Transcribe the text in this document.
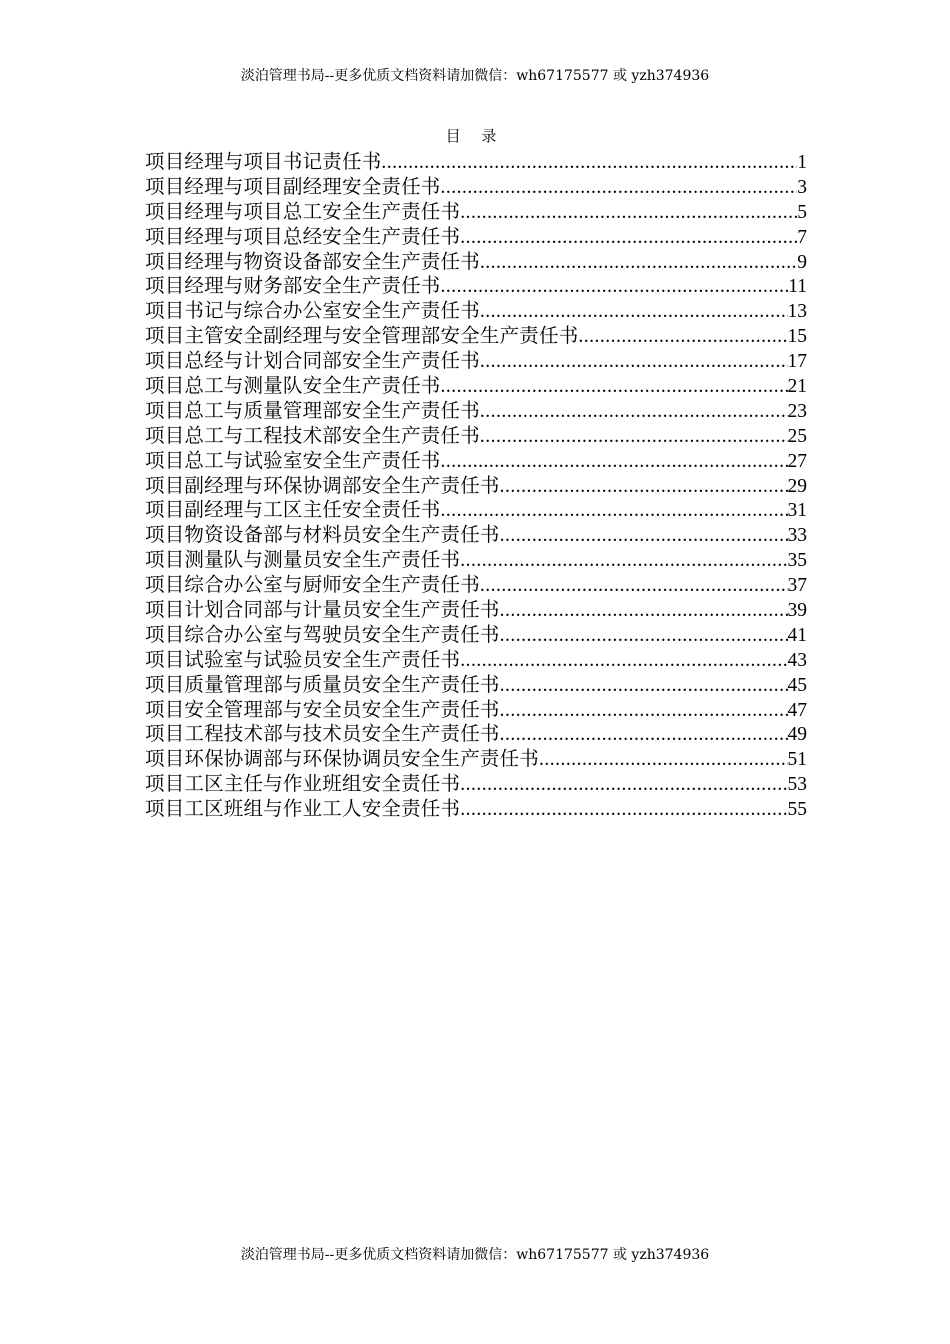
淡泊管理书局--更多优质文档资料请加微信：wh67175577 或 yzh374936
目 录
项目经理与项目书记责任书 .....	1
项目经理与项目副经理安全责任书 .....	3
项目经理与项目总工安全生产责任书 .....	5
项目经理与项目总经安全生产责任书 .....	7
项目经理与物资设备部安全生产责任书 .....	9
项目经理与财务部安全生产责任书 .....	11
项目书记与综合办公室安全生产责任书 .....	13
项目主管安全副经理与安全管理部安全生产责任书 .....	15
项目总经与计划合同部安全生产责任书 .....	17
项目总工与测量队安全生产责任书 .....	21
项目总工与质量管理部安全生产责任书 .....	23
项目总工与工程技术部安全生产责任书 .....	25
项目总工与试验室安全生产责任书 .....	27
项目副经理与环保协调部安全生产责任书 .....	29
项目副经理与工区主任安全责任书 .....	31
项目物资设备部与材料员安全生产责任书 .....	33
项目测量队与测量员安全生产责任书 .....	35
项目综合办公室与厨师安全生产责任书 .....	37
项目计划合同部与计量员安全生产责任书 .....	39
项目综合办公室与驾驶员安全生产责任书 .....	41
项目试验室与试验员安全生产责任书 .....	43
项目质量管理部与质量员安全生产责任书 .....	45
项目安全管理部与安全员安全生产责任书 .....	47
项目工程技术部与技术员安全生产责任书 .....	49
项目环保协调部与环保协调员安全生产责任书 .....	51
项目工区主任与作业班组安全责任书 .....	53
项目工区班组与作业工人安全责任书 .....	55
淡泊管理书局--更多优质文档资料请加微信：wh67175577 或 yzh374936
